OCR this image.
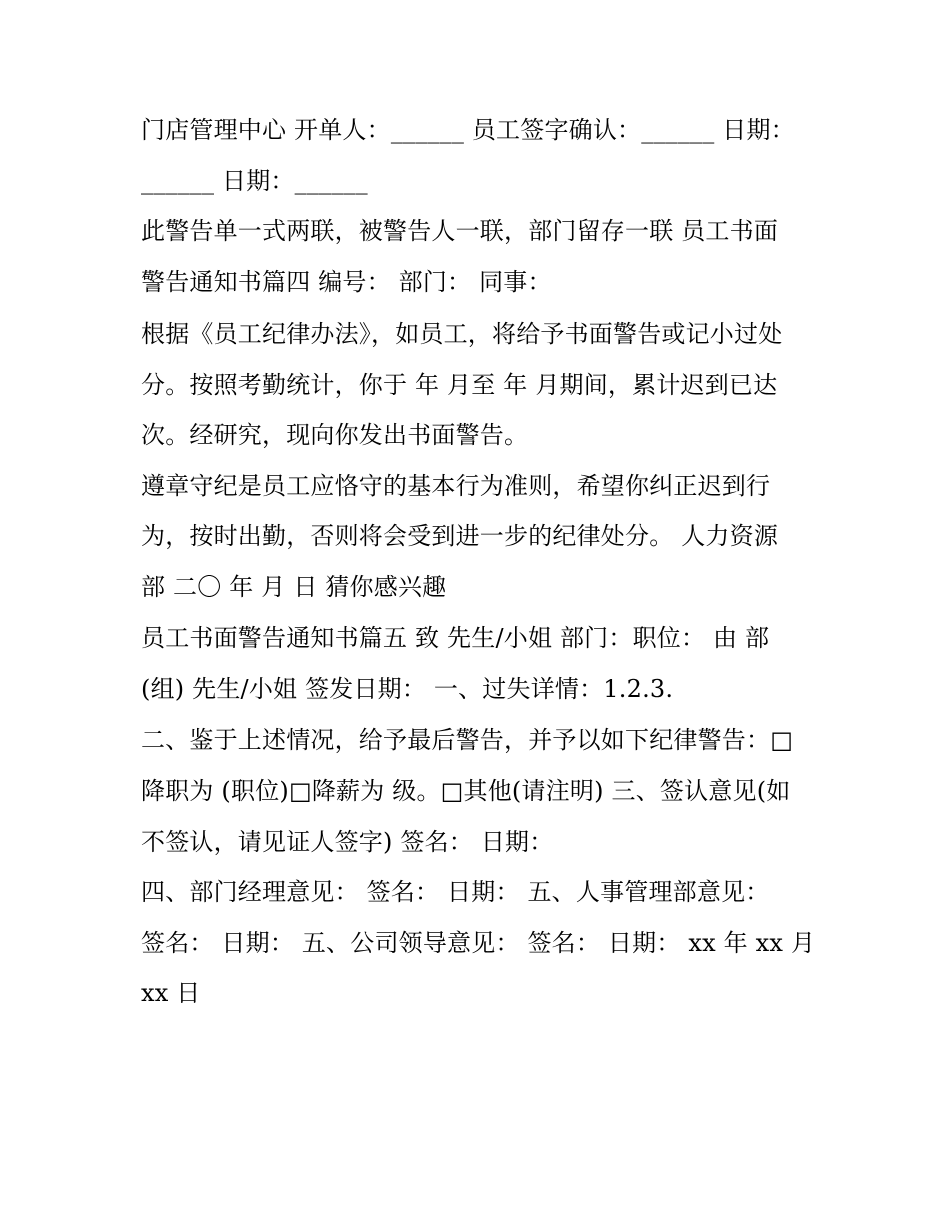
门店管理中心 开单人：______ 员工签字确认：______ 日期：
______ 日期：______
此警告单一式两联，被警告人一联，部门留存一联 员工书面
警告通知书篇四 编号： 部门： 同事：
根据《员工纪律办法》，如员工，将给予书面警告或记小过处
分。按照考勤统计，你于 年 月至 年 月期间，累计迟到已达
次。经研究，现向你发出书面警告。
遵章守纪是员工应恪守的基本行为准则，希望你纠正迟到行
为，按时出勤，否则将会受到进一步的纪律处分。 人力资源
部 二〇 年 月 日 猜你感兴趣
员工书面警告通知书篇五 致 先生/小姐 部门：职位： 由 部
(组) 先生/小姐 签发日期： 一、过失详情：1.2.3.
二、鉴于上述情况，给予最后警告，并予以如下纪律警告：□
降职为 (职位)□降薪为 级。□其他(请注明) 三、签认意见(如
不签认，请见证人签字) 签名： 日期：
四、部门经理意见： 签名： 日期： 五、人事管理部意见：
签名： 日期： 五、公司领导意见： 签名： 日期： xx 年 xx 月
xx 日
